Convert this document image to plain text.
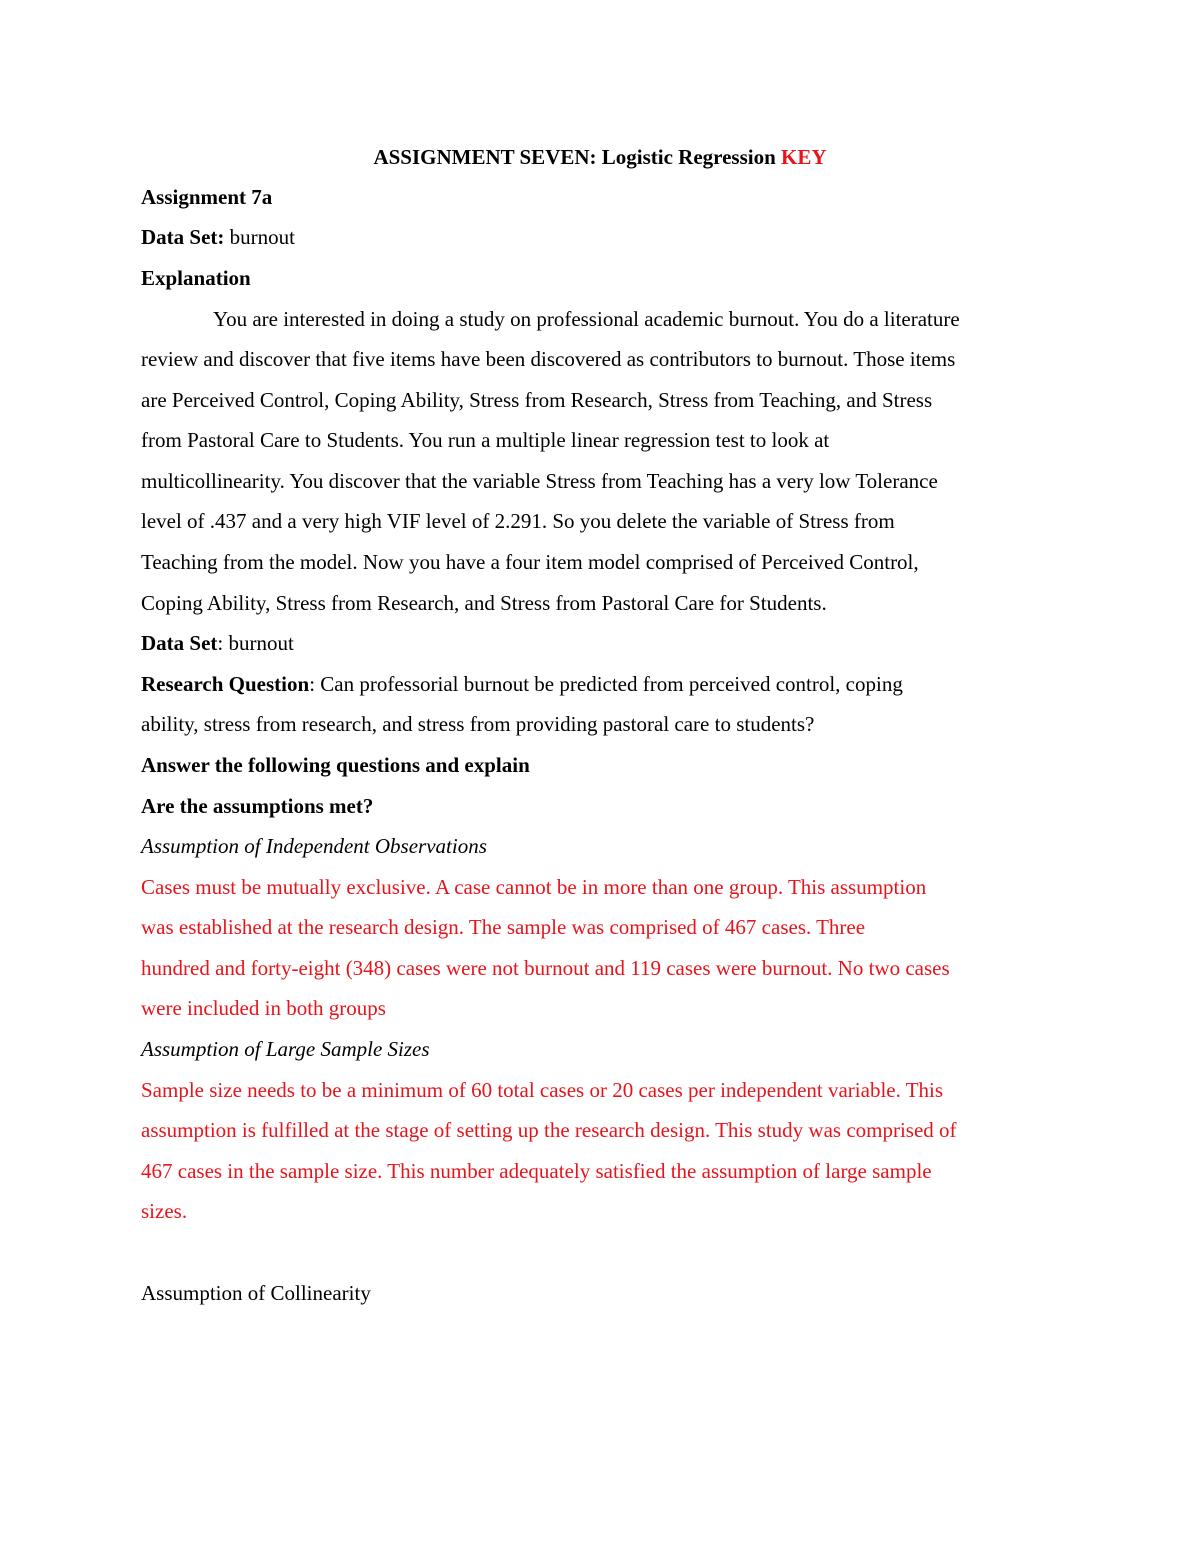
ASSIGNMENT SEVEN: Logistic Regression KEY
Assignment 7a
Data Set: burnout
Explanation
You are interested in doing a study on professional academic burnout. You do a literature
review and discover that five items have been discovered as contributors to burnout. Those items
are Perceived Control, Coping Ability, Stress from Research, Stress from Teaching, and Stress
from Pastoral Care to Students. You run a multiple linear regression test to look at
multicollinearity. You discover that the variable Stress from Teaching has a very low Tolerance
level of .437 and a very high VIF level of 2.291. So you delete the variable of Stress from
Teaching from the model. Now you have a four item model comprised of Perceived Control,
Coping Ability, Stress from Research, and Stress from Pastoral Care for Students.
Data Set: burnout
Research Question: Can professorial burnout be predicted from perceived control, coping
ability, stress from research, and stress from providing pastoral care to students?
Answer the following questions and explain
Are the assumptions met?
Assumption of Independent Observations
Cases must be mutually exclusive. A case cannot be in more than one group. This assumption
was established at the research design. The sample was comprised of 467 cases. Three
hundred and forty-eight (348) cases were not burnout and 119 cases were burnout. No two cases
were included in both groups
Assumption of Large Sample Sizes
Sample size needs to be a minimum of 60 total cases or 20 cases per independent variable. This
assumption is fulfilled at the stage of setting up the research design. This study was comprised of
467 cases in the sample size. This number adequately satisfied the assumption of large sample
sizes.
Assumption of Collinearity
